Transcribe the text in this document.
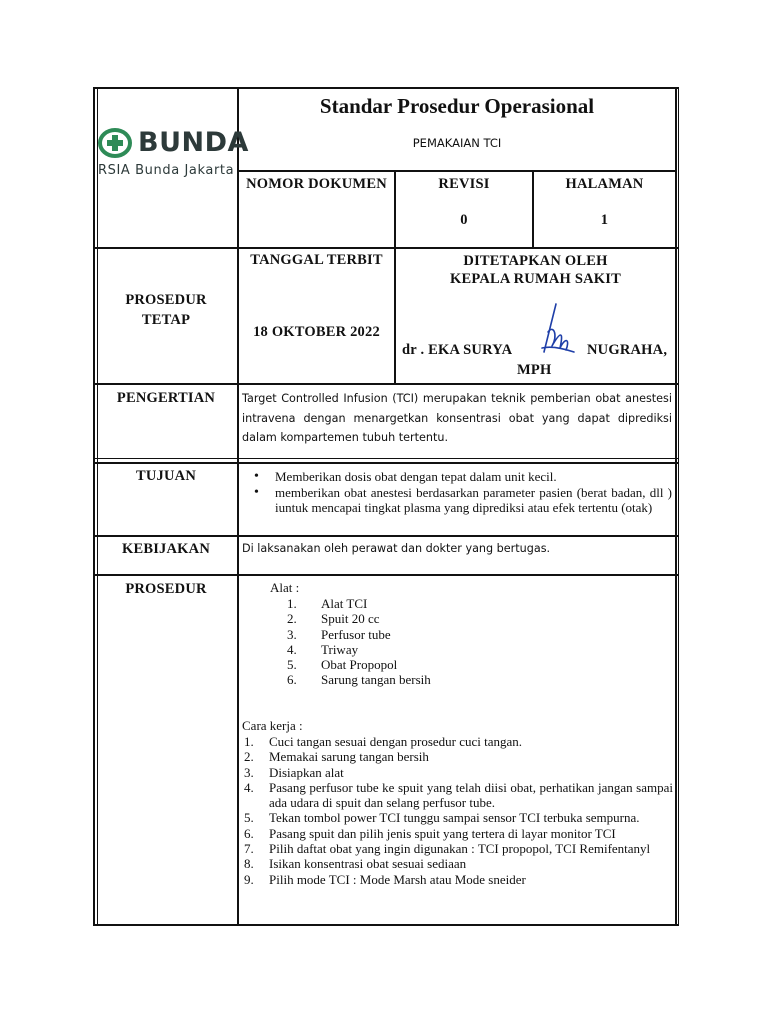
BUNDA
RSIA Bunda Jakarta
Standar Prosedur Operasional
PEMAKAIAN TCI
NOMOR DOKUMEN	REVISI
0
HALAMAN
1
PROSEDUR
TETAP
TANGGAL TERBIT
18 OKTOBER 2022
DITETAPKAN OLEH
KEPALA RUMAH SAKIT
dr . EKA SURYA	NUGRAHA,
MPH
PENGERTIAN	Target Controlled Infusion (TCI) merupakan teknik pemberian obat anestesi intravena dengan menargetkan konsentrasi obat yang dapat diprediksi dalam kompartemen tubuh tertentu.
TUJUAN
•	Memberikan dosis obat dengan tepat dalam unit kecil.
• memberikan obat anestesi berdasarkan parameter pasien (berat badan, dll ) iuntuk mencapai tingkat plasma yang diprediksi atau efek tertentu (otak)
KEBIJAKAN	Di laksanakan oleh perawat dan dokter yang bertugas.
PROSEDUR	Alat :
1. Alat TCI
2. Spuit 20 cc
3. Perfusor tube
4. Triway
5. Obat Propopol
6. Sarung tangan bersih
Cara kerja :
1. Cuci tangan sesuai dengan prosedur cuci tangan.
2. Memakai sarung tangan bersih
3. Disiapkan alat
4. Pasang perfusor tube ke spuit yang telah diisi obat, perhatikan jangan sampai ada udara di spuit dan selang perfusor tube.
5. Tekan tombol power TCI tunggu sampai sensor TCI terbuka sempurna.
6. Pasang spuit dan pilih jenis spuit yang tertera di layar monitor TCI
7. Pilih daftat obat yang ingin digunakan : TCI propopol, TCI Remifentanyl
8. Isikan konsentrasi obat sesuai sediaan
9. Pilih mode TCI : Mode Marsh atau Mode sneider
